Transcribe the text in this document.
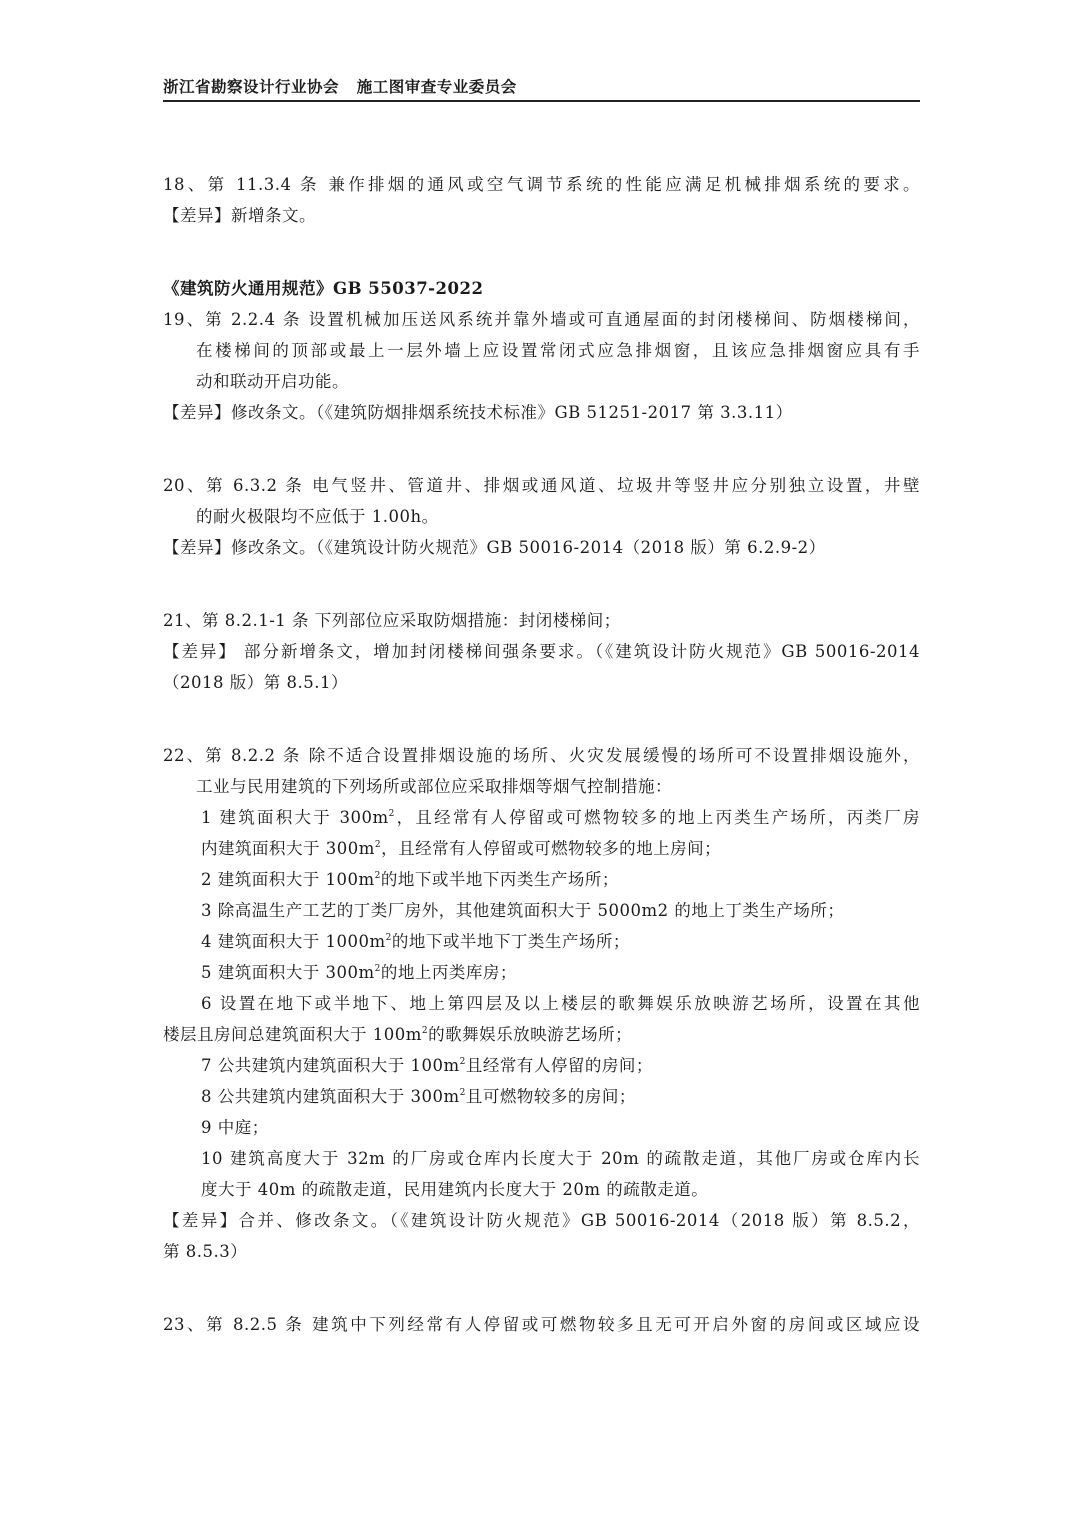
浙江省勘察设计行业协会 施工图审查专业委员会
18、第 11.3.4 条 兼作排烟的通风或空气调节系统的性能应满足机械排烟系统的要求。
【差异】新增条文。
《建筑防火通用规范》GB 55037-2022
19、第 2.2.4 条 设置机械加压送风系统并靠外墙或可直通屋面的封闭楼梯间、防烟楼梯间，
在楼梯间的顶部或最上一层外墙上应设置常闭式应急排烟窗，且该应急排烟窗应具有手
动和联动开启功能。
【差异】修改条文。（《建筑防烟排烟系统技术标准》GB 51251-2017 第 3.3.11）
20、第 6.3.2 条 电气竖井、管道井、排烟或通风道、垃圾井等竖井应分别独立设置，井壁
的耐火极限均不应低于 1.00h。
【差异】修改条文。（《建筑设计防火规范》GB 50016-2014（2018 版）第 6.2.9-2）
21、第 8.2.1-1 条 下列部位应采取防烟措施：封闭楼梯间；
【差异】 部分新增条文，增加封闭楼梯间强条要求。（《建筑设计防火规范》GB 50016-2014
（2018 版）第 8.5.1）
22、第 8.2.2 条 除不适合设置排烟设施的场所、火灾发展缓慢的场所可不设置排烟设施外，
工业与民用建筑的下列场所或部位应采取排烟等烟气控制措施：
1 建筑面积大于 $300m^2$，且经常有人停留或可燃物较多的地上丙类生产场所，丙类厂房
内建筑面积大于 $300m^2$，且经常有人停留或可燃物较多的地上房间；
2 建筑面积大于 $100m^2$的地下或半地下丙类生产场所；
3 除高温生产工艺的丁类厂房外，其他建筑面积大于 5000m2 的地上丁类生产场所；
4 建筑面积大于 $1000m^2$的地下或半地下丁类生产场所；
5 建筑面积大于 $300m^2$的地上丙类库房；
6 设置在地下或半地下、地上第四层及以上楼层的歌舞娱乐放映游艺场所，设置在其他
楼层且房间总建筑面积大于 $100m^2$的歌舞娱乐放映游艺场所；
7 公共建筑内建筑面积大于 $100m^2$且经常有人停留的房间；
8 公共建筑内建筑面积大于 $300m^2$且可燃物较多的房间；
9 中庭；
10 建筑高度大于 32m 的厂房或仓库内长度大于 20m 的疏散走道，其他厂房或仓库内长
度大于 40m 的疏散走道，民用建筑内长度大于 20m 的疏散走道。
【差异】合并、修改条文。（《建筑设计防火规范》GB 50016-2014（2018 版）第 8.5.2，
第 8.5.3）
23、第 8.2.5 条 建筑中下列经常有人停留或可燃物较多且无可开启外窗的房间或区域应设
